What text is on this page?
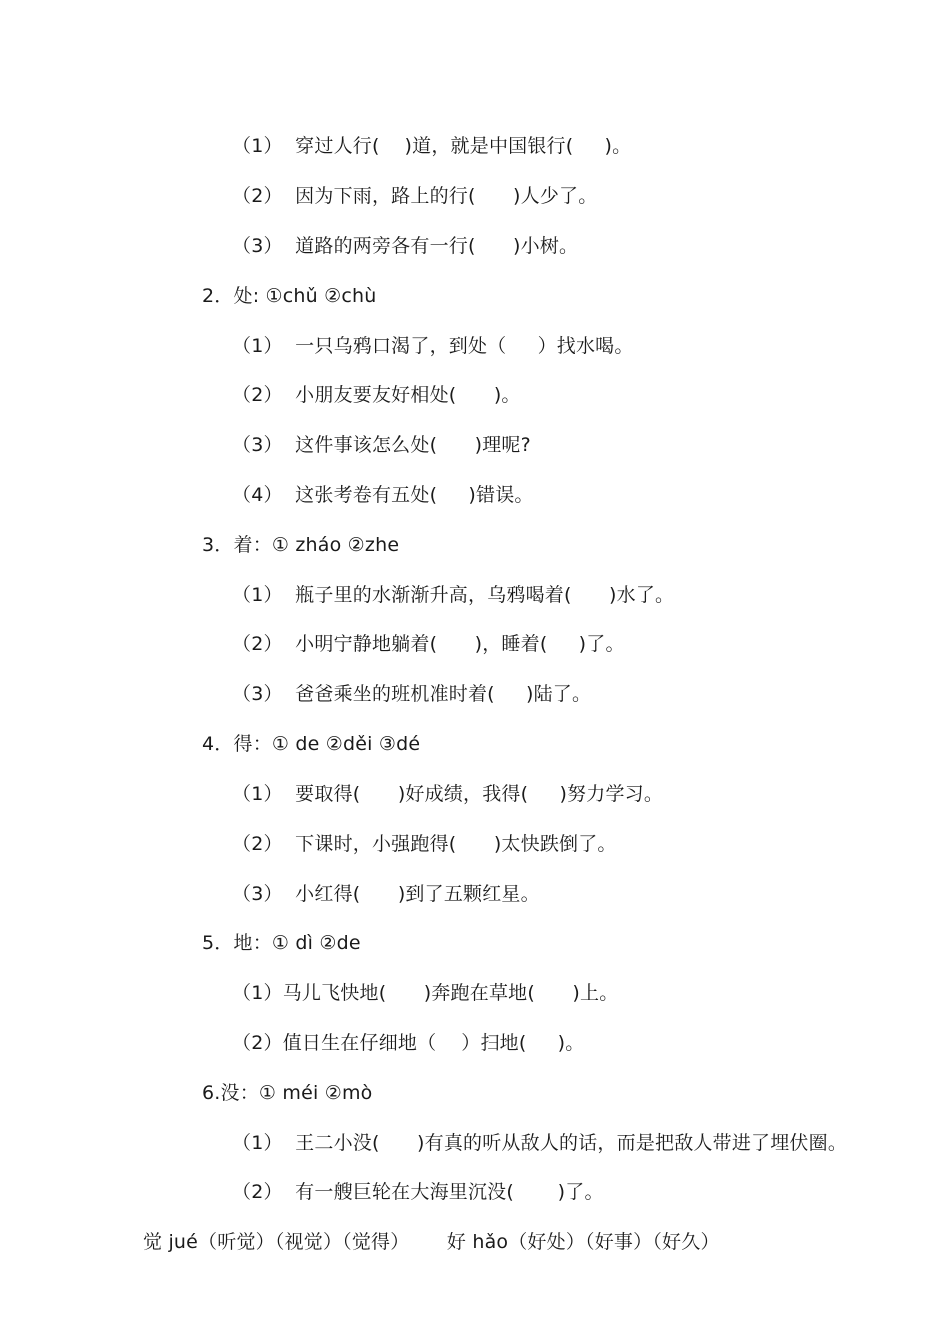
（1）  穿过人行(    )道，就是中国银行(     )。
（2）  因为下雨，路上的行(      )人少了。
（3）  道路的两旁各有一行(      )小树。
2．处: ①chǔ ②chù
（1）  一只乌鸦口渴了，到处（     ）找水喝。
（2）  小朋友要友好相处(      )。
（3）  这件事该怎么处(      )理呢?
（4）  这张考卷有五处(     )错误。
3．着：① zháo ②zhe
（1）  瓶子里的水渐渐升高，乌鸦喝着(      )水了。
（2）  小明宁静地躺着(      )，睡着(     )了。
（3）  爸爸乘坐的班机准时着(     )陆了。
4．得：① de ②děi ③dé
（1）  要取得(      )好成绩，我得(     )努力学习。
（2）  下课时，小强跑得(      )太快跌倒了。
（3）  小红得(      )到了五颗红星。
5．地：① dì ②de
（1）马儿飞快地(      )奔跑在草地(      )上。
（2）值日生在仔细地（    ）扫地(     )。
6.没：① méi ②mò
（1）  王二小没(      )有真的听从敌人的话，而是把敌人带进了埋伏圈。
（2）  有一艘巨轮在大海里沉没(       )了。
觉 jué（听觉）（视觉）（觉得）      好 hǎo（好处）（好事）（好久）
